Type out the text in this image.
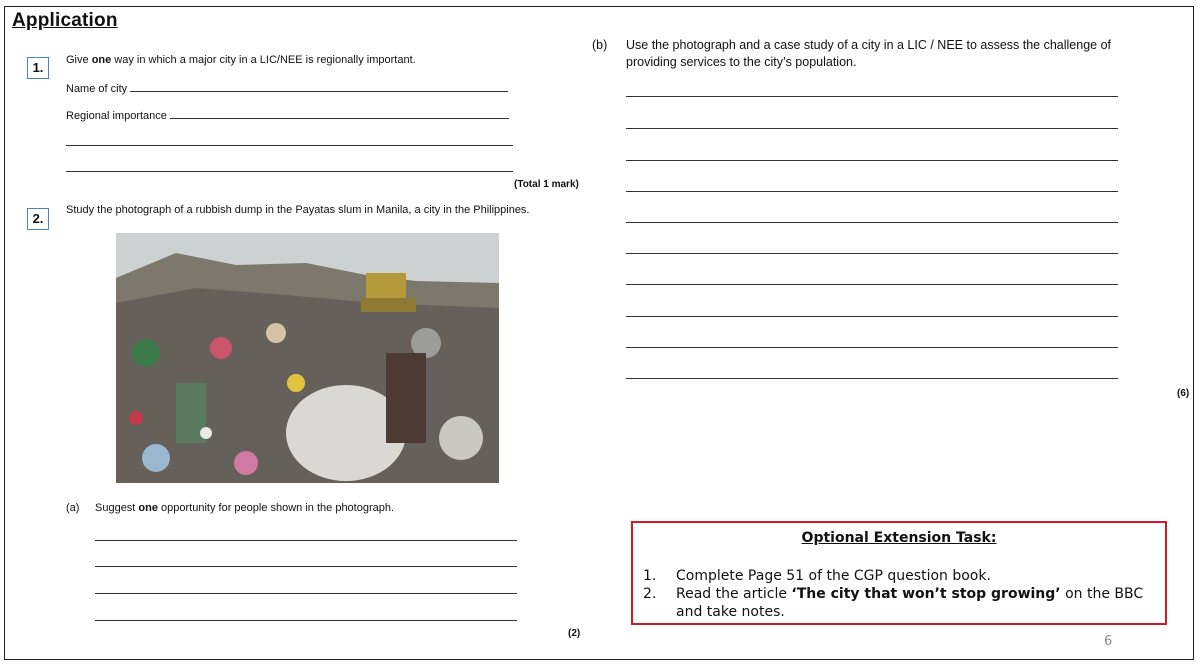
Application
1.	Give one way in which a major city in a LIC/NEE is regionally important.
Name of city
Regional importance
(Total 1 mark)
2.
Study the photograph of a rubbish dump in the Payatas slum in Manila, a city in the Philippines.
(a) Suggest one opportunity for people shown in the photograph.
(2)
(b) Use the photograph and a case study of a city in a LIC / NEE to assess the challenge of
providing services to the city’s population.
(6)
Optional Extension Task:
1. Complete Page 51 of the CGP question book.
2. Read the article ‘The city that won’t stop growing’ on the BBC and take notes.
6
